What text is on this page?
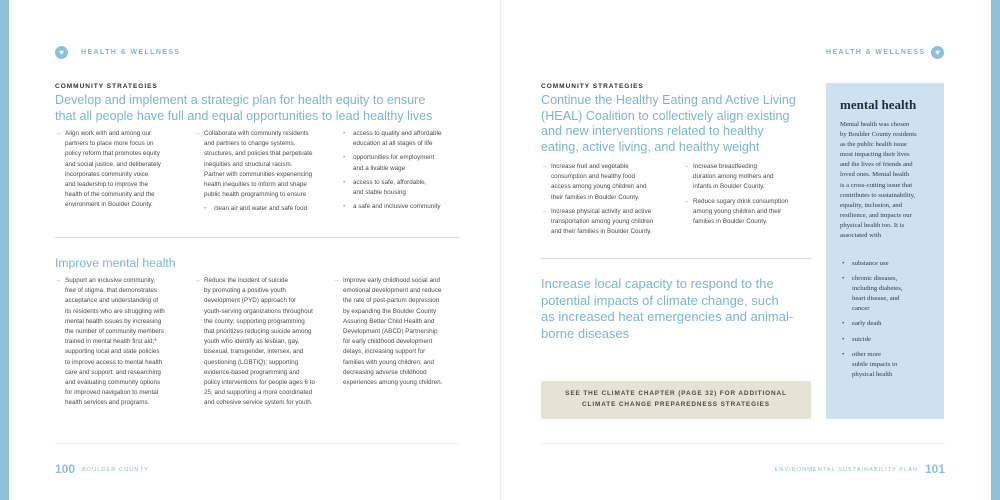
♥	HEALTH & WELLNESS	HEALTH & WELLNESS	♥
COMMUNITY STRATEGIES
Develop and implement a strategic plan for health equity to ensure
that all people have full and equal opportunities to lead healthy lives
→ Align work with and among our
partners to place more focus on
policy reform that promotes equity
and social justice, and deliberately
incorporates community voice
and leadership to improve the
health of the community and the
environment in Boulder County.
→ Collaborate with community residents
and partners to change systems,
structures, and policies that perpetuate
inequities and structural racism.
Partner with communities experiencing
health inequities to inform and shape
public health programming to ensure
• clean air and water and safe food
• access to quality and affordable
education at all stages of life
• opportunities for employment
and a livable wage
• access to safe, affordable,
and stable housing
• a safe and inclusive community
Improve mental health
→ Support an inclusive community,
free of stigma, that demonstrates
acceptance and understanding of
its residents who are struggling with
mental health issues by increasing
the number of community members
trained in mental health first aid;*
supporting local and state policies
to improve access to mental health
care and support; and researching
and evaluating community options
for improved navigation to mental
health services and programs.
→ Reduce the incident of suicide
by promoting a positive youth
development (PYD) approach for
youth-serving organizations throughout
the county; supporting programming
that prioritizes reducing suicide among
youth who identify as lesbian, gay,
bisexual, transgender, intersex, and
questioning (LGBTIQ); supporting
evidence-based programming and
policy interventions for people ages 6 to
25; and supporting a more coordinated
and cohesive service system for youth.
→ Improve early childhood social and
emotional development and reduce
the rate of post-partum depression
by expanding the Boulder County
Assuring Better Child Health and
Development (ABCD) Partnership
for early childhood development
delays; increasing support for
families with young children; and
decreasing adverse childhood
experiences among young children.
100 BOULDER COUNTY
COMMUNITY STRATEGIES
Continue the Healthy Eating and Active Living
(HEAL) Coalition to collectively align existing
and new interventions related to healthy
eating, active living, and healthy weight
→ Increase fruit and vegetable
consumption and healthy food
access among young children and
their families in Boulder County.
→ Increase physical activity and active
transportation among young children
and their families in Boulder County.
→ Increase breastfeeding
duration among mothers and
infants in Boulder County.
→ Reduce sugary drink consumption
among young children and their
families in Boulder County.
Increase local capacity to respond to the
potential impacts of climate change, such
as increased heat emergencies and animal-
borne diseases
SEE THE CLIMATE CHAPTER (PAGE 32) FOR ADDITIONAL
CLIMATE CHANGE PREPAREDNESS STRATEGIES
mental health
Mental health was chosen
by Boulder County residents
as the public health issue
most impacting their lives
and the lives of friends and
loved ones. Mental health
is a cross-cutting issue that
contributes to sustainability,
equality, inclusion, and
resilience, and impacts our
physical health too. It is
associated with
• substance use
• chronic diseases,
including diabetes,
heart disease, and
cancer
• early death
• suicide
• other more
subtle impacts to
physical health
ENVIRONMENTAL SUSTAINABILITY PLAN 101
